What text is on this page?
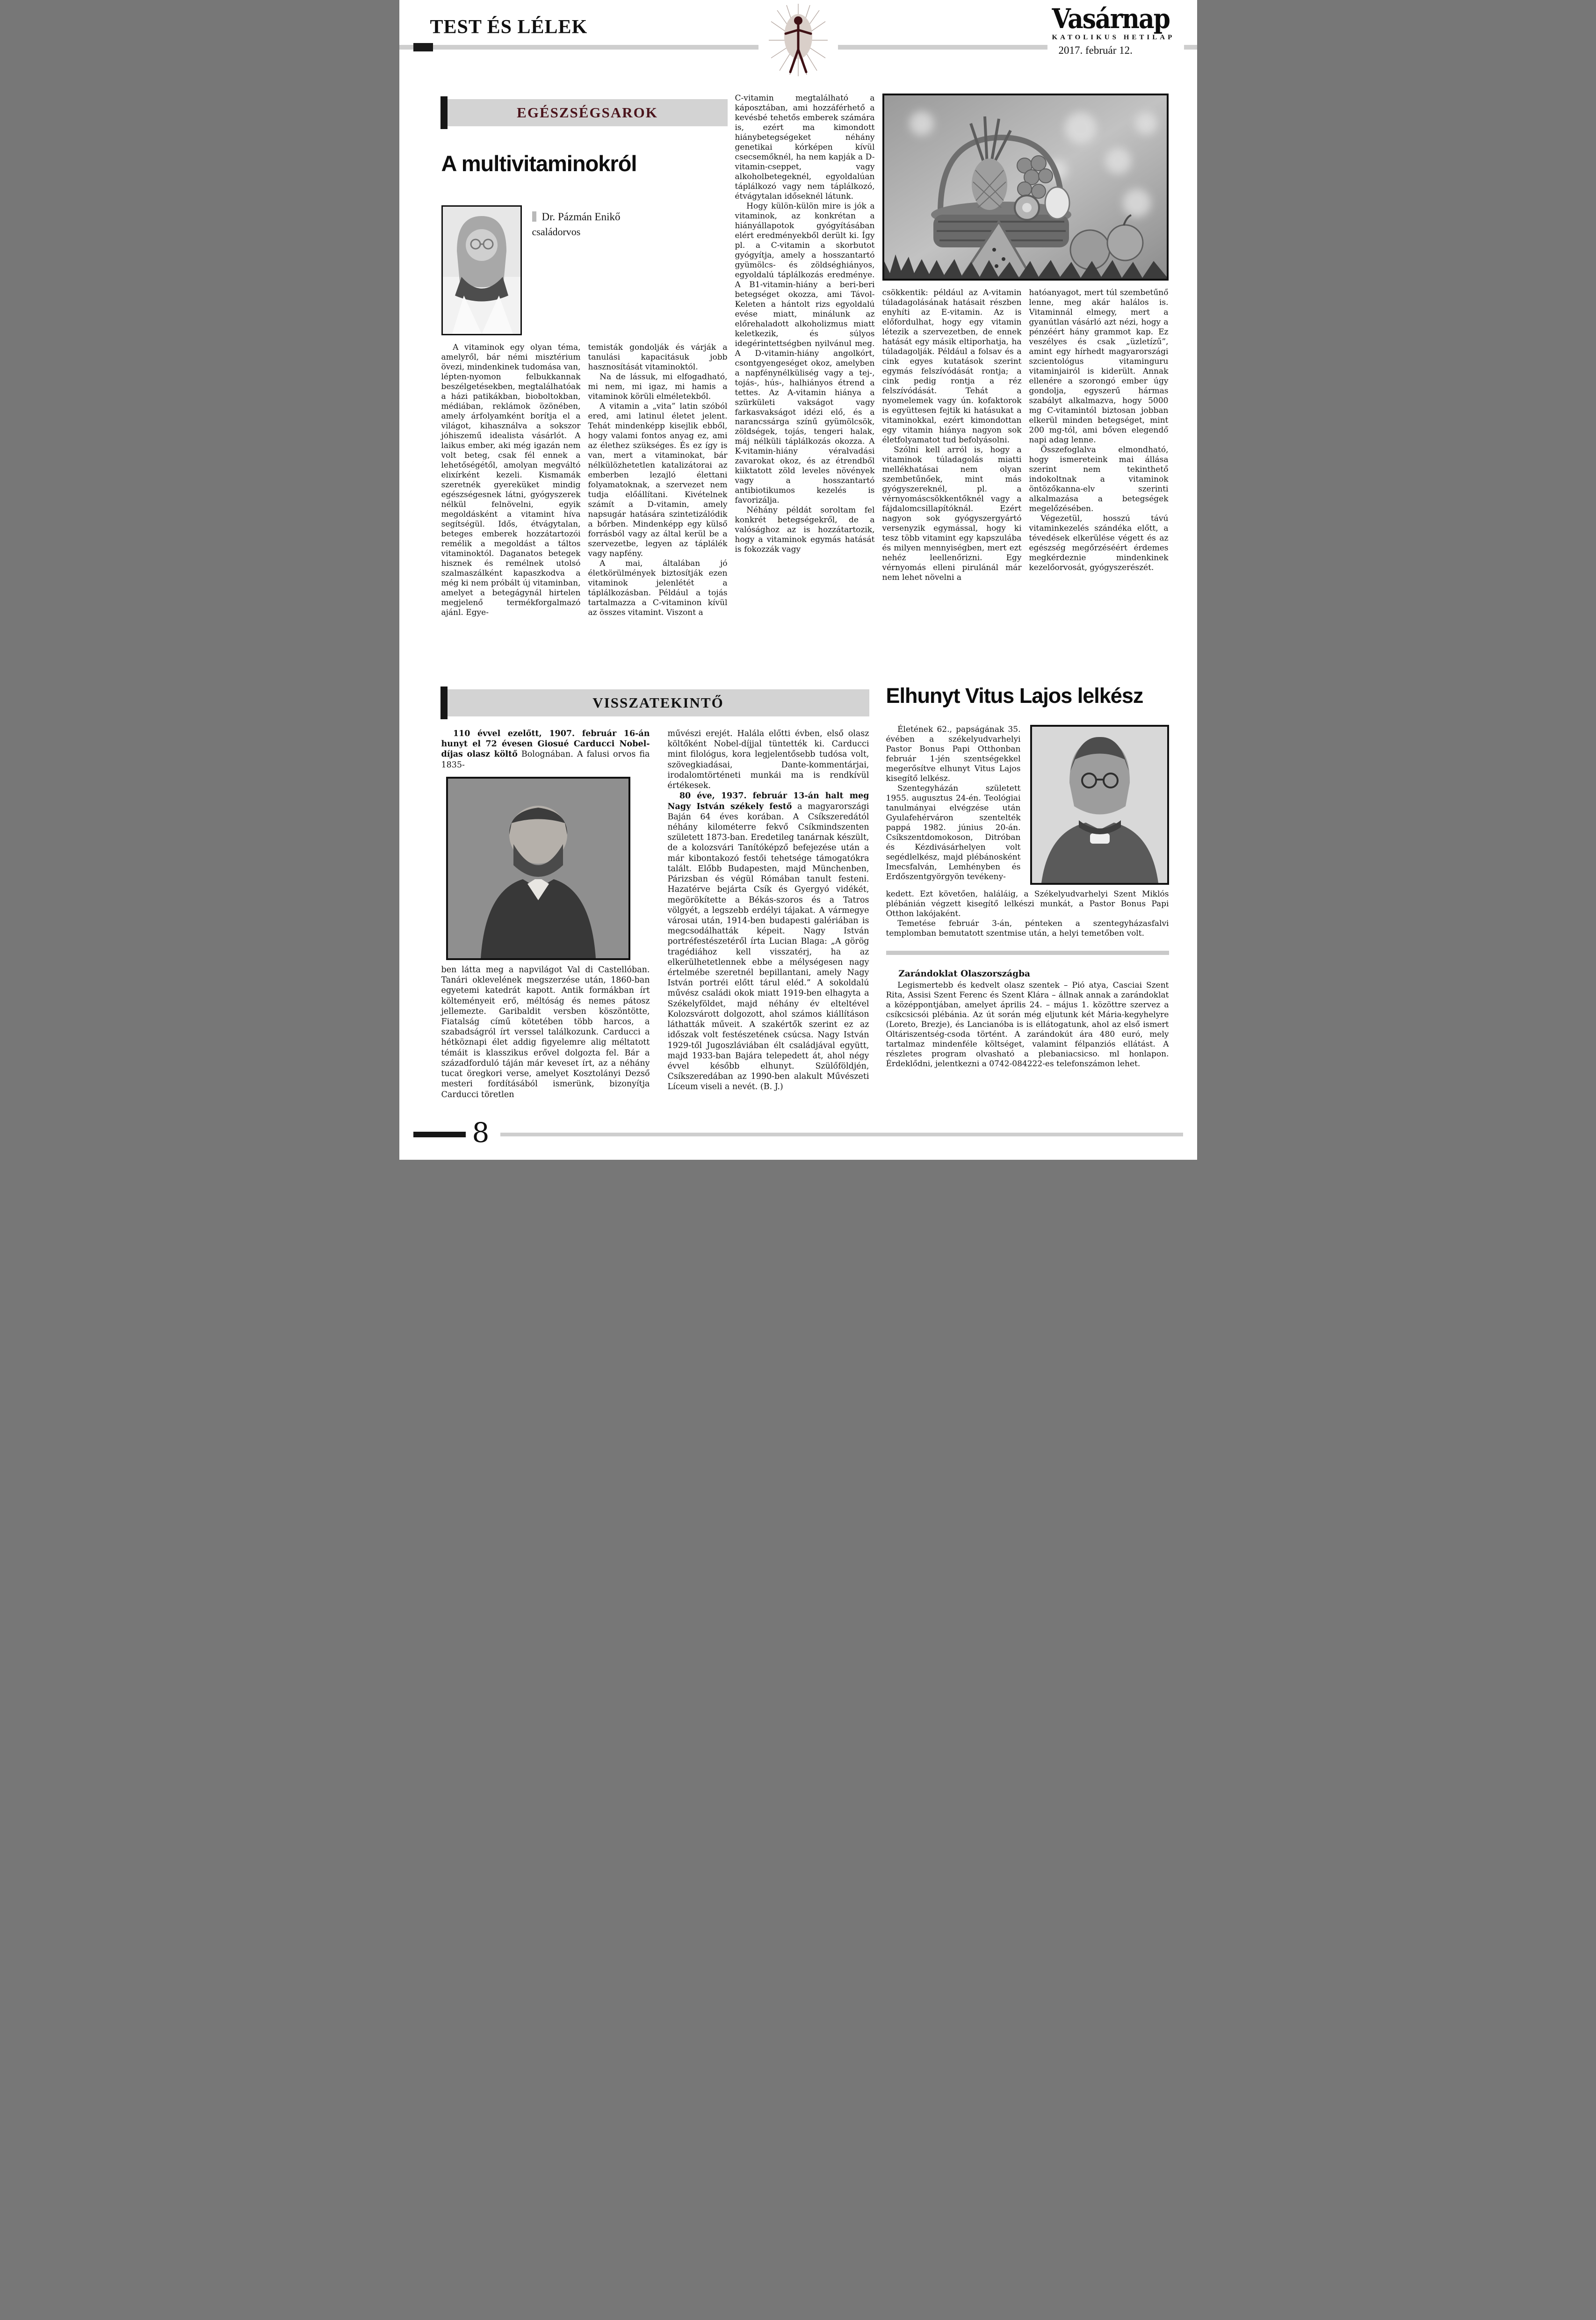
TEST ÉS LÉLEK	Vasárnap
KATOLIKUS HETILAP
2017. február 12.
EGÉSZSÉGSAROK
A multivitaminokról
Dr. Pázmán Enikő
családorvos

A vitaminok egy olyan téma, amelyről, bár némi misztérium övezi, mindenkinek tudomása van, lépten-nyomon felbukkannak beszélgetésekben, megtalálhatóak a házi patikákban, bioboltokban, médiában, reklámok özönében, amely árfolyamként borítja el a világot, kihasználva a sokszor jóhiszemű idealista vásárlót. A laikus ember, aki még igazán nem volt beteg, csak fél ennek a lehetőségétől, amolyan megváltó elixírként kezeli. Kismamák szeretnék gyereküket mindig egészségesnek látni, gyógyszerek nélkül felnövelni, egyik megoldásként a vitamint híva segítségül. Idős, étvágytalan, beteges emberek hozzátartozói remélik a megoldást a táltos vitaminoktól. Daganatos betegek hisznek és remélnek utolsó szalmaszálként kapaszkodva a még ki nem próbált új vitaminban, amelyet a betegágynál hirtelen megjelenő termékforgalmazó ajánl. Egye-

temisták gondolják és várják a tanulási kapacitásuk jobb hasznosítását vitaminoktól.

Na de lássuk, mi elfogadható, mi nem, mi igaz, mi hamis a vitaminok körüli elméletekből.

A vitamin a „vita” latin szóból ered, ami latinul életet jelent. Tehát mindenképp kisejlik ebből, hogy valami fontos anyag ez, ami az élethez szükséges. És ez így is van, mert a vitaminokat, bár nélkülözhetetlen katalizátorai az emberben lezajló élettani folyamatoknak, a szervezet nem tudja előállítani. Kivételnek számít a D-vitamin, amely napsugár hatására szintetizálódik a bőrben. Mindenképp egy külső forrásból vagy az által kerül be a szervezetbe, legyen az táplálék vagy napfény.

A mai, általában jó életkörülmények biztosítják ezen vitaminok jelenlétét a táplálkozásban. Például a tojás tartalmazza a C-vitaminon kívül az összes vitamint. Viszont a

C-vitamin megtalálható a káposztában, ami hozzáférhető a kevésbé tehetős emberek számára is, ezért ma kimondott hiánybetegségeket néhány genetikai kórképen kívül csecsemőknél, ha nem kapják a D-vitamin-cseppet, vagy alkoholbetegeknél, egyoldalúan táplálkozó vagy nem táplálkozó, étvágytalan időseknél látunk.

Hogy külön-külön mire is jók a vitaminok, az konkrétan a hiányállapotok gyógyításában elért eredményekből derült ki. Így pl. a C-vitamin a skorbutot gyógyítja, amely a hosszantartó gyümölcs- és zöldséghiányos, egyoldalú táplálkozás eredménye. A B1-vitamin-hiány a beri-beri betegséget okozza, ami Távol-Keleten a hántolt rizs egyoldalú evése miatt, minálunk az előrehaladott alkoholizmus miatt keletkezik, és súlyos idegérintettségben nyilvánul meg. A D-vitamin-hiány angolkórt, csontgyengeséget okoz, amelyben a napfénynélküliség vagy a tej-, tojás-, hús-, halhiányos étrend a tettes. Az A-vitamin hiánya a szürkületi vakságot vagy farkasvakságot idézi elő, és a narancssárga színű gyümölcsök, zöldségek, tojás, tengeri halak, máj nélküli táplálkozás okozza. A K-vitamin-hiány véralvadási zavarokat okoz, és az étrendből kiiktatott zöld leveles növények vagy a hosszantartó antibiotikumos kezelés is favorizálja.

Néhány példát soroltam fel konkrét betegségekről, de a valósághoz az is hozzátartozik, hogy a vitaminok egymás hatását is fokozzák vagy

csökkentik: például az A-vitamin túladagolásának hatásait részben enyhíti az E-vitamin. Az is előfordulhat, hogy egy vitamin létezik a szervezetben, de ennek hatását egy másik eltiporhatja, ha túladagolják. Például a folsav és a cink egyes kutatások szerint egymás felszívódását rontja; a cink pedig rontja a réz felszívódását. Tehát a nyomelemek vagy ún. kofaktorok is együttesen fejtik ki hatásukat a vitaminokkal, ezért kimondottan egy vitamin hiánya nagyon sok életfolyamatot tud befolyásolni.

Szólni kell arról is, hogy a vitaminok túladagolás miatti mellékhatásai nem olyan szembetűnőek, mint más gyógyszereknél, pl. a vérnyomáscsökkentőknél vagy a fájdalomcsillapítóknál. Ezért nagyon sok gyógyszergyártó versenyzik egymással, hogy ki tesz több vitamint egy kapszulába és milyen mennyiségben, mert ezt nehéz leellenőrizni. Egy vérnyomás elleni pirulánál már nem lehet növelni a

hatóanyagot, mert túl szembetűnő lenne, meg akár halálos is. Vitaminnál elmegy, mert a gyanútlan vásárló azt nézi, hogy a pénzéért hány grammot kap. Ez veszélyes és csak „üzletízű”, amint egy hírhedt magyarországi szcientológus vitaminguru vitaminjairól is kiderült. Annak ellenére a szorongó ember úgy gondolja, egyszerű hármas szabályt alkalmazva, hogy 5000 mg C-vitamintól biztosan jobban elkerül minden betegséget, mint 200 mg-tól, ami bőven elegendő napi adag lenne.

Összefoglalva elmondható, hogy ismereteink mai állása szerint nem tekinthető indokoltnak a vitaminok öntözőkanna-elv szerinti alkalmazása a betegségek megelőzésében.

Végezetül, hosszú távú vitaminkezelés szándéka előtt, a tévedések elkerülése végett és az egészség megőrzéséért érdemes megkérdeznie mindenkinek kezelőorvosát, gyógyszerészét.

VISSZATEKINTŐ

110 évvel ezelőtt, 1907. február 16-án hunyt el 72 évesen Giosué Carducci Nobel-díjas olasz költő Bolognában. A falusi orvos fia 1835-

ben látta meg a napvilágot Val di Castellóban. Tanári oklevelének megszerzése után, 1860-ban egyetemi katedrát kapott. Antik formákban írt költeményeit erő, méltóság és nemes pátosz jellemezte. Garibaldit versben köszöntötte, Fiatalság című kötetében több harcos, a szabadságról írt verssel találkozunk. Carducci a hétköznapi élet addig figyelemre alig méltatott témáit is klasszikus erővel dolgozta fel. Bár a századforduló táján már keveset írt, az a néhány tucat öregkori verse, amelyet Kosztolányi Dezső mesteri fordításából ismerünk, bizonyítja Carducci töretlen

művészi erejét. Halála előtti évben, első olasz költőként Nobel-díjjal tüntették ki. Carducci mint filológus, kora legjelentősebb tudósa volt, szövegkiadásai, Dante-kommentárjai, irodalomtörténeti munkái ma is rendkívül értékesek.

80 éve, 1937. február 13-án halt meg Nagy István székely festő a magyarországi Baján 64 éves korában. A Csíkszeredától néhány kilométerre fekvő Csíkmindszenten született 1873-ban. Eredetileg tanárnak készült, de a kolozsvári Tanítóképző befejezése után a már kibontakozó festői tehetsége támogatókra talált. Előbb Budapesten, majd Münchenben, Párizsban és végül Rómában tanult festeni. Hazatérve bejárta Csík és Gyergyó vidékét, megörökítette a Békás-szoros és a Tatros völgyét, a legszebb erdélyi tájakat. A vármegye városai után, 1914-ben budapesti galériában is megcsodálhatták képeit. Nagy István portréfestészetéről írta Lucian Blaga: „A görög tragédiához kell visszatérj, ha az elkerülhetetlennek ebbe a mélységesen nagy értelmébe szeretnél bepillantani, amely Nagy István portréi előtt tárul eléd.” A sokoldalú művész családi okok miatt 1919-ben elhagyta a Székelyföldet, majd néhány év elteltével Kolozsvárott dolgozott, ahol számos kiállításon láthatták műveit. A szakértők szerint ez az időszak volt festészetének csúcsa. Nagy István 1929-től Jugoszláviában élt családjával együtt, majd 1933-ban Bajára telepedett át, ahol négy évvel később elhunyt. Szülőföldjén, Csíkszeredában az 1990-ben alakult Művészeti Líceum viseli a nevét. (B. J.)

Elhunyt Vitus Lajos lelkész

Életének 62., papságának 35. évében a székelyudvarhelyi Pastor Bonus Papi Otthonban február 1-jén szentségekkel megerősítve elhunyt Vitus Lajos kisegítő lelkész.

Szentegyházán született 1955. augusztus 24-én. Teológiai tanulmányai elvégzése után Gyulafehérváron szentelték pappá 1982. június 20-án. Csíkszentdomokoson, Ditróban és Kézdivásárhelyen volt segédlelkész, majd plébánosként Imecsfalván, Lemhényben és Erdőszentgyörgyön tevékeny-

kedett. Ezt követően, haláláig, a Székelyudvarhelyi Szent Miklós plébánián végzett kisegítő lelkészi munkát, a Pastor Bonus Papi Otthon lakójaként.

Temetése február 3-án, pénteken a szentegyházasfalvi templomban bemutatott szentmise után, a helyi temetőben volt.

Zarándoklat Olaszországba

Legismertebb és kedvelt olasz szentek – Pió atya, Casciai Szent Rita, Assisi Szent Ferenc és Szent Klára – állnak annak a zarándoklat a középpontjában, amelyet április 24. – május 1. közöttre szervez a csíkcsicsói plébánia. Az út során még eljutunk két Mária-kegyhelyre (Loreto, Brezje), és Lancianóba is is ellátogatunk, ahol az első ismert Oltáriszentség-csoda történt. A zarándokút ára 480 euró, mely tartalmaz mindenféle költséget, valamint félpanziós ellátást. A részletes program olvasható a plebaniacsicso. ml honlapon. Érdeklődni, jelentkezni a 0742-084222-es telefonszámon lehet.

8
